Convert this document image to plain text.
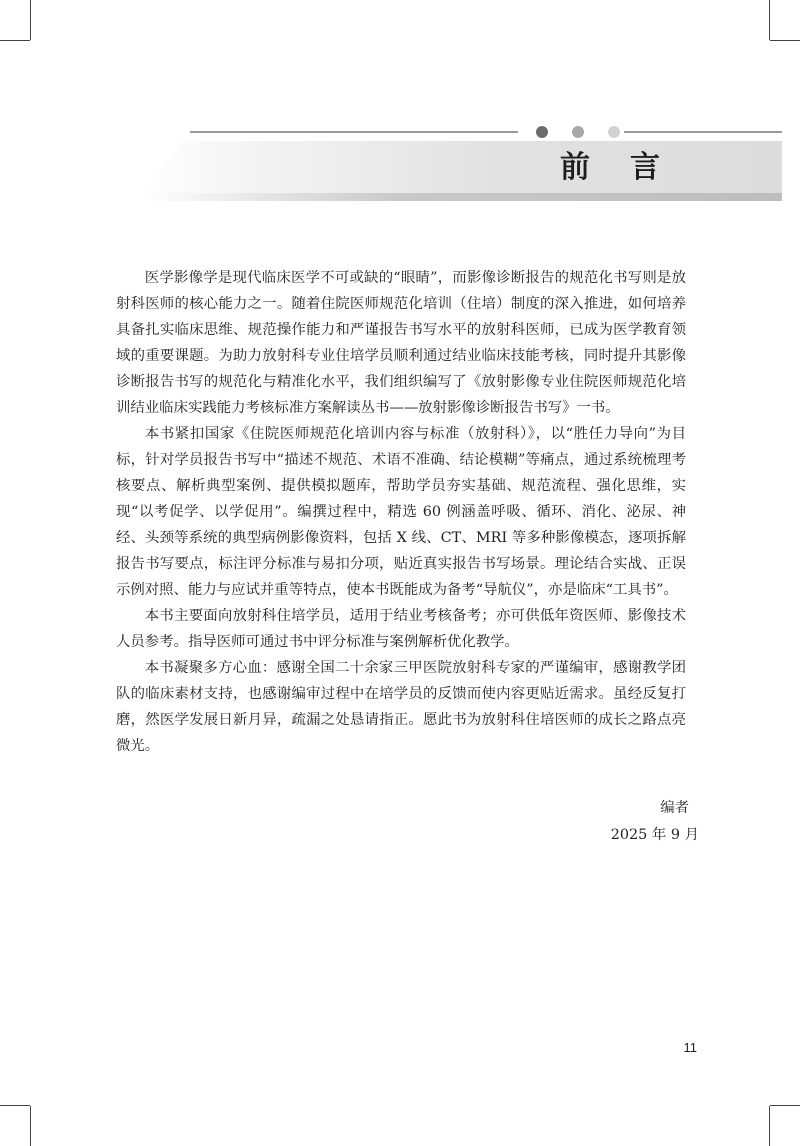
前言

医学影像学是现代临床医学不可或缺的“眼睛”，而影像诊断报告的规范化书写则是放射科医师的核心能力之一。随着住院医师规范化培训（住培）制度的深入推进，如何培养具备扎实临床思维、规范操作能力和严谨报告书写水平的放射科医师，已成为医学教育领域的重要课题。为助力放射科专业住培学员顺利通过结业临床技能考核，同时提升其影像诊断报告书写的规范化与精准化水平，我们组织编写了《放射影像专业住院医师规范化培训结业临床实践能力考核标准方案解读丛书——放射影像诊断报告书写》一书。

本书紧扣国家《住院医师规范化培训内容与标准（放射科）》，以“胜任力导向”为目标，针对学员报告书写中“描述不规范、术语不准确、结论模糊”等痛点，通过系统梳理考核要点、解析典型案例、提供模拟题库，帮助学员夯实基础、规范流程、强化思维，实现“以考促学、以学促用”。编撰过程中，精选 60 例涵盖呼吸、循环、消化、泌尿、神经、头颈等系统的典型病例影像资料，包括 X 线、CT、MRI 等多种影像模态，逐项拆解报告书写要点，标注评分标准与易扣分项，贴近真实报告书写场景。理论结合实战、正误示例对照、能力与应试并重等特点，使本书既能成为备考“导航仪”，亦是临床“工具书”。

本书主要面向放射科住培学员，适用于结业考核备考；亦可供低年资医师、影像技术人员参考。指导医师可通过书中评分标准与案例解析优化教学。

本书凝聚多方心血：感谢全国二十余家三甲医院放射科专家的严谨编审，感谢教学团队的临床素材支持，也感谢编审过程中在培学员的反馈而使内容更贴近需求。虽经反复打磨，然医学发展日新月异，疏漏之处恳请指正。愿此书为放射科住培医师的成长之路点亮微光。

编者
2025 年 9 月
11
